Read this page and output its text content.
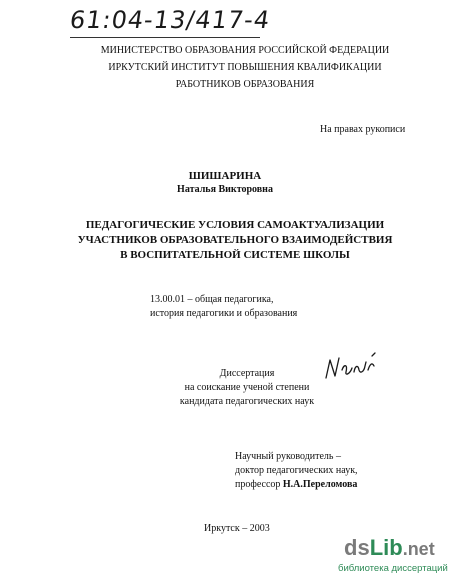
61:04-13/417-4
МИНИСТЕРСТВО ОБРАЗОВАНИЯ РОССИЙСКОЙ ФЕДЕРАЦИИ
ИРКУТСКИЙ ИНСТИТУТ ПОВЫШЕНИЯ КВАЛИФИКАЦИИ
РАБОТНИКОВ ОБРАЗОВАНИЯ
На правах рукописи
ШИШАРИНА
Наталья Викторовна
ПЕДАГОГИЧЕСКИЕ УСЛОВИЯ САМОАКТУАЛИЗАЦИИ
УЧАСТНИКОВ ОБРАЗОВАТЕЛЬНОГО ВЗАИМОДЕЙСТВИЯ
В ВОСПИТАТЕЛЬНОЙ СИСТЕМЕ ШКОЛЫ
13.00.01 – общая педагогика,
история педагогики и образования
Диссертация
на соискание ученой степени
кандидата педагогических наук
Научный руководитель –
доктор педагогических наук,
профессор Н.А.Переломова
Иркутск – 2003
dsLib.net
библиотека диссертаций
